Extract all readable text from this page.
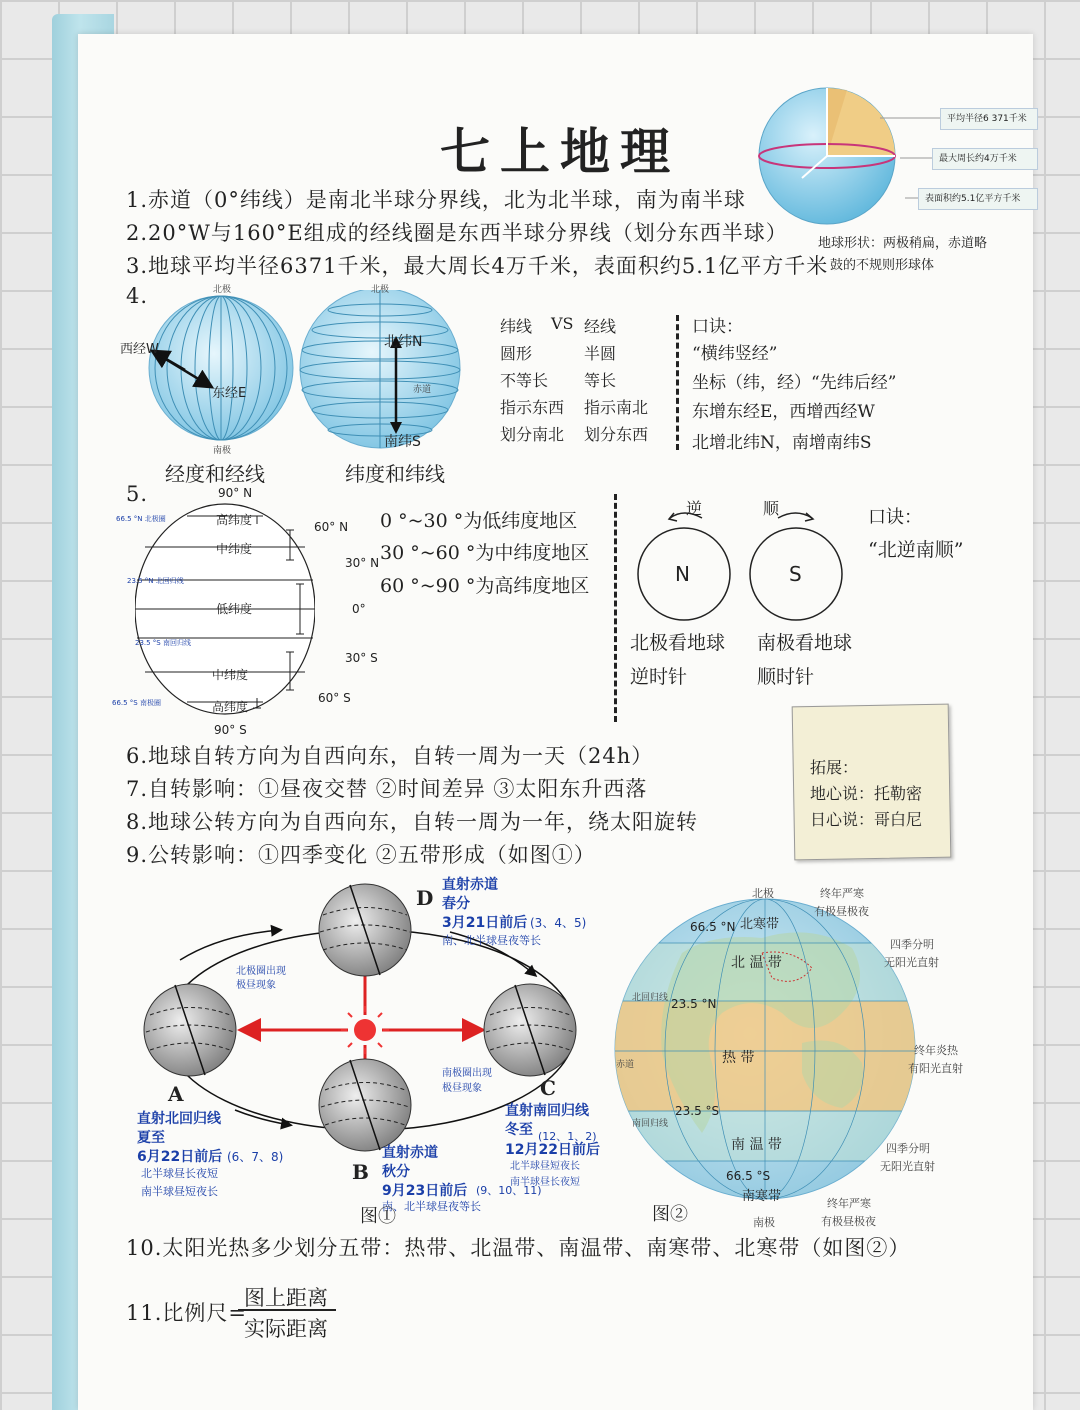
七上地理
平均半径6 371千米
最大周长约4万千米
表面积约5.1亿平方千米
地球形状：两极稍扁，赤道略
鼓的不规则形球体
1.赤道（0°纬线）是南北半球分界线，北为北半球，南为南半球
2.20°W与160°E组成的经线圈是东西半球分界线（划分东西半球）
3.地球平均半径6371千米，最大周长4万千米，表面积约5.1亿平方千米
4.	北极
南极
西经W
东经E
经度和经线
北极
赤道
北纬N
南纬S
纬度和纬线
纬线 VS 经线
圆形	半圆
不等长 等长
指示东西 指示南北
划分南北 划分东西
口诀：
“横纬竖经”
坐标（纬，经）“先纬后经”
东增东经E，西增西经W
北增北纬N，南增南纬S
5.	90° N
90° S
60° N
30° N
0°
30° S
60° S
66.5 °N 北极圈
23.5 °N 北回归线
23.5 °S 南回归线
66.5 °S 南极圈
高纬度
中纬度
低纬度
中纬度
高纬度
0 °~30 °为低纬度地区
30 °~60 °为中纬度地区
60 °~90 °为高纬度地区
逆	顺
N	S
北极看地球 南极看地球
逆时针	顺时针
口诀：
“北逆南顺”
拓展：
地心说：托勒密
日心说：哥白尼
6.地球自转方向为自西向东，自转一周为一天（24h）
7.自转影响：①昼夜交替 ②时间差异 ③太阳东升西落
8.地球公转方向为自西向东，自转一周为一年，绕太阳旋转
9.公转影响：①四季变化 ②五带形成（如图①）
D
直射赤道
春分
3月21日前后 (3、4、5)
南、北半球昼夜等长
北极圈出现
极昼现象
南极圈出现
极昼现象
A
直射北回归线
夏至
6月22日前后 (6、7、8)
北半球昼长夜短
南半球昼短夜长
B
直射赤道
秋分
9月23日前后 (9、10、11)
南、北半球昼夜等长
C
直射南回归线
冬至 (12、1、2)
12月22日前后
北半球昼短夜长
南半球昼长夜短
图①
北极
南极
66.5 °N 北寒带
北 温 带
23.5 °N
北回归线
热 带
赤道
23.5 °S
南回归线
南 温 带
66.5 °S
南寒带
终年严寒
有极昼极夜
四季分明
无阳光直射
终年炎热
有阳光直射
四季分明
无阳光直射
终年严寒
有极昼极夜
图②
10.太阳光热多少划分五带：热带、北温带、南温带、南寒带、北寒带（如图②）
11.比例尺=
图上距离
实际距离
